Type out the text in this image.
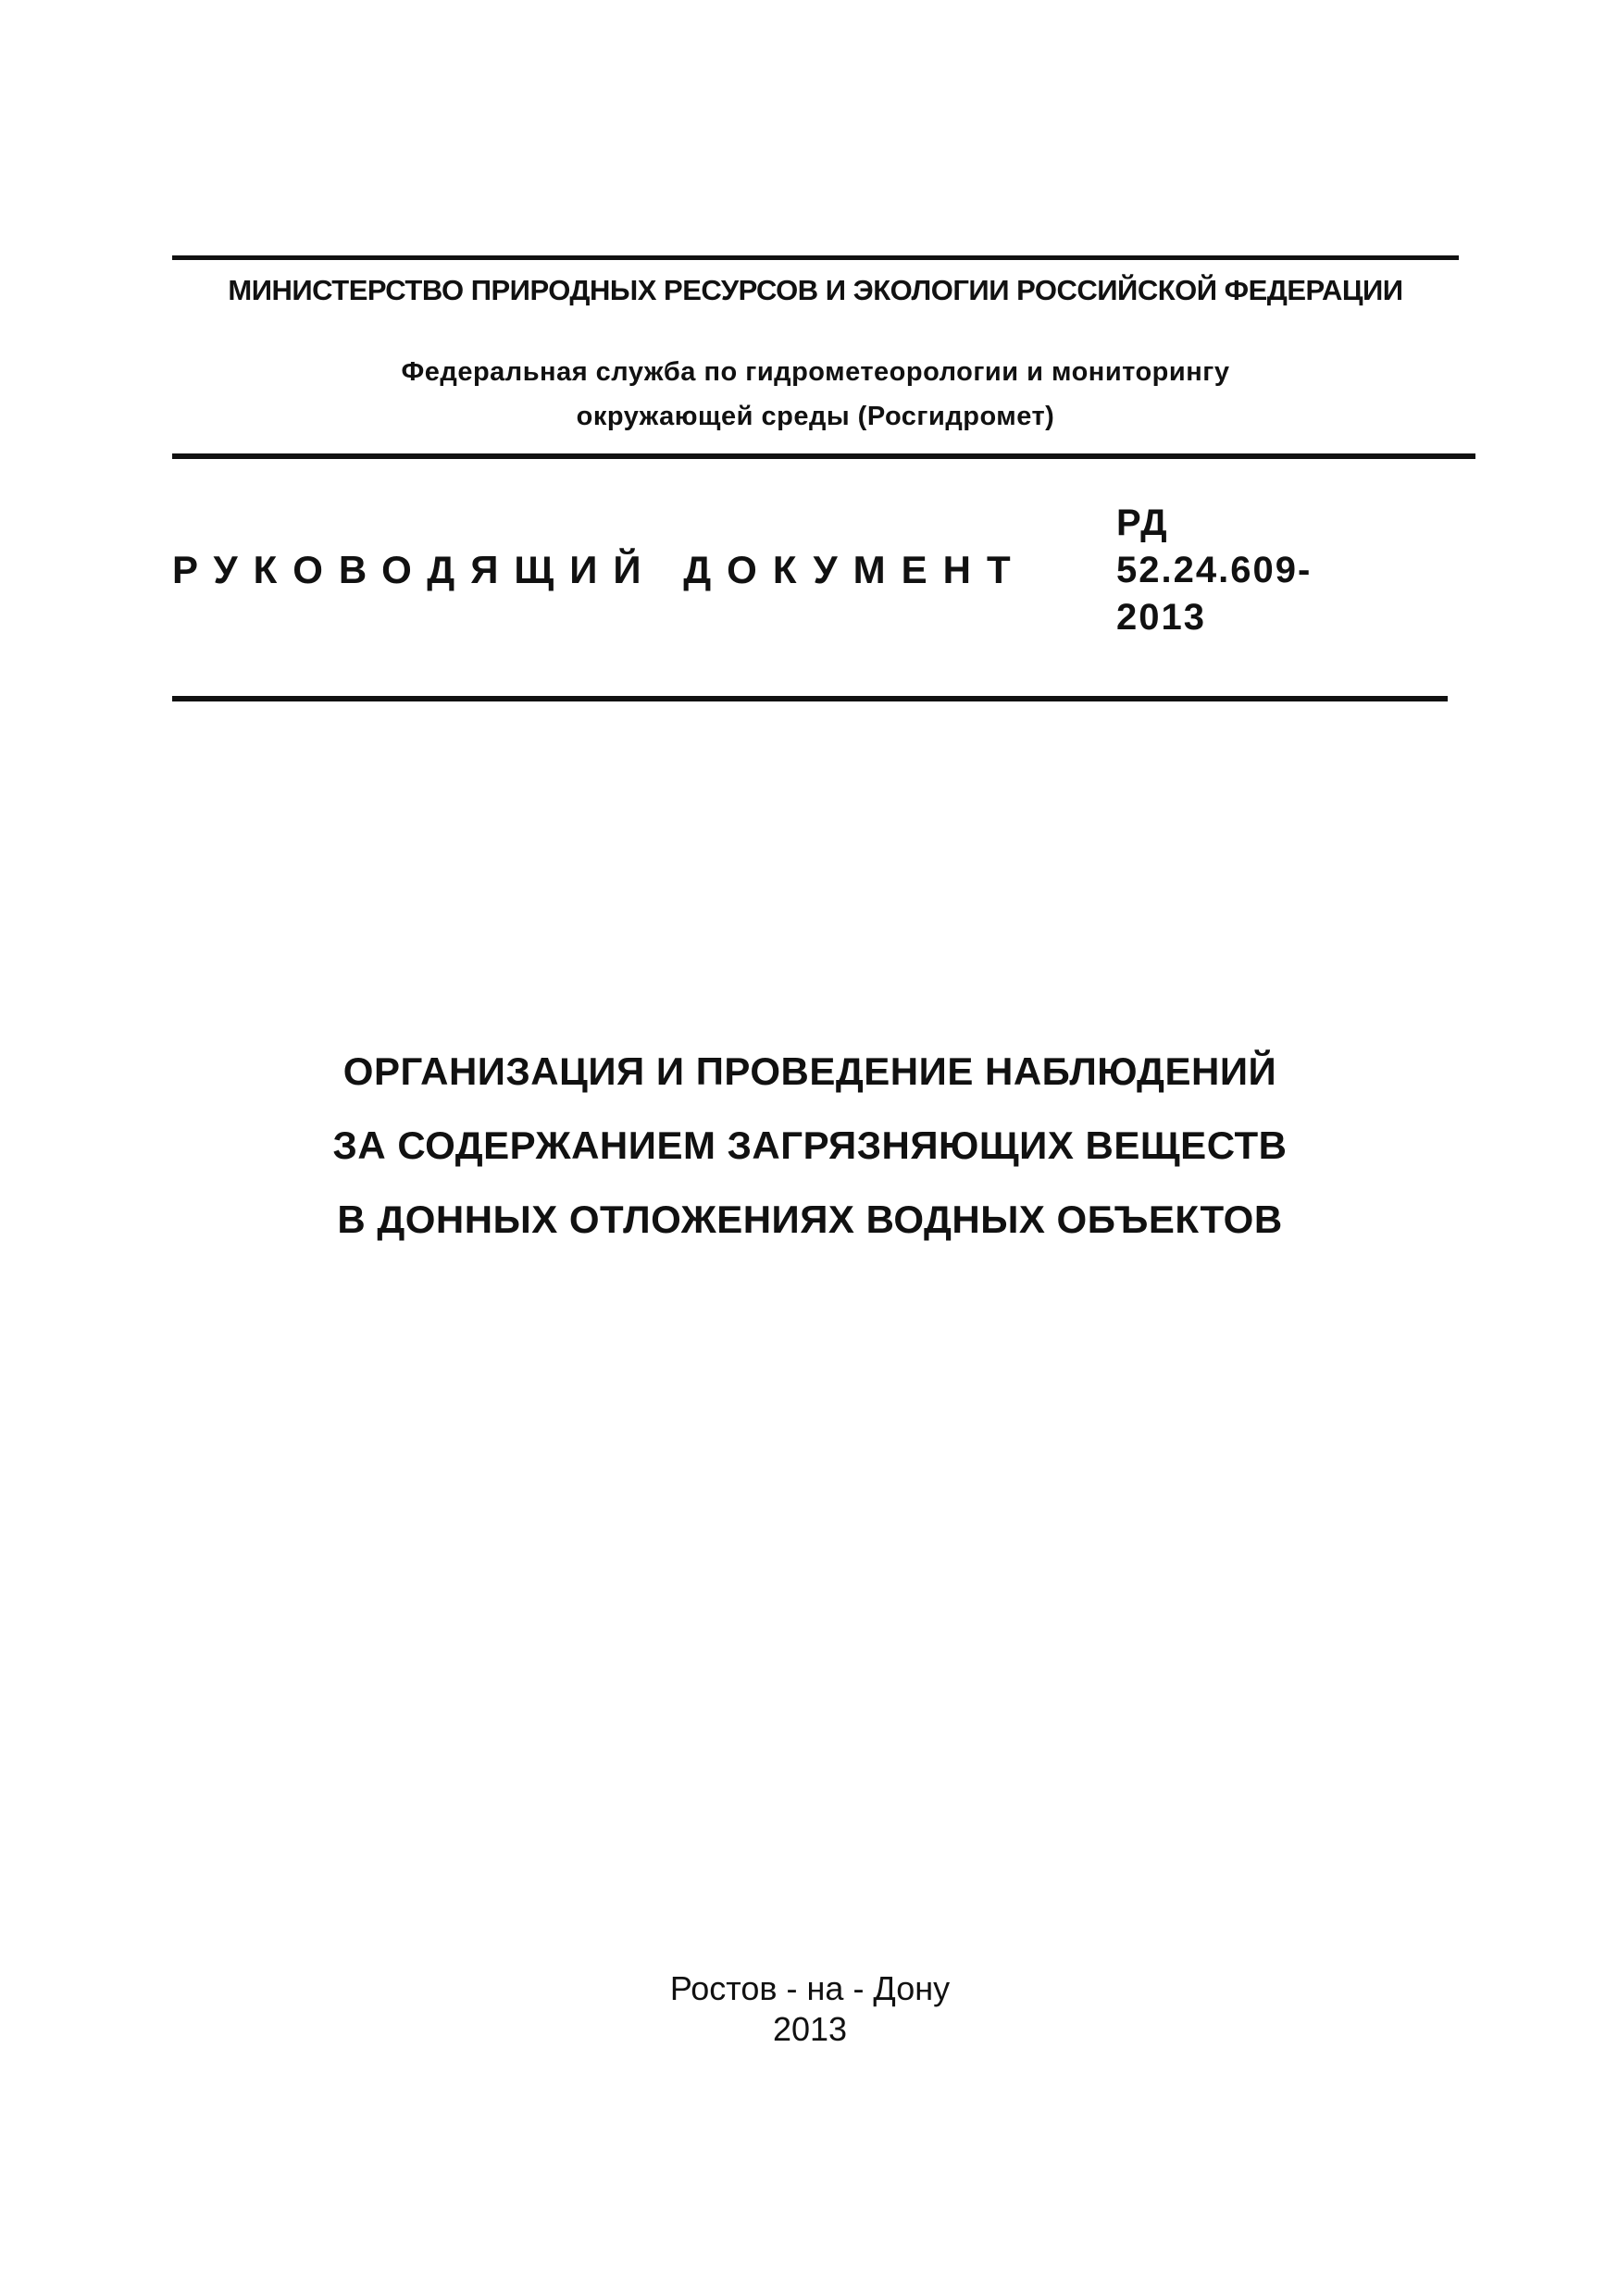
МИНИСТЕРСТВО ПРИРОДНЫХ РЕСУРСОВ И ЭКОЛОГИИ РОССИЙСКОЙ ФЕДЕРАЦИИ
Федеральная служба по гидрометеорологии и мониторингу
окружающей среды (Росгидромет)
РУКОВОДЯЩИЙ ДОКУМЕНТ
РД
52.24.609-
2013
ОРГАНИЗАЦИЯ И ПРОВЕДЕНИЕ НАБЛЮДЕНИЙ
ЗА СОДЕРЖАНИЕМ ЗАГРЯЗНЯЮЩИХ ВЕЩЕСТВ
В ДОННЫХ ОТЛОЖЕНИЯХ ВОДНЫХ ОБЪЕКТОВ
Ростов - на - Дону
2013
